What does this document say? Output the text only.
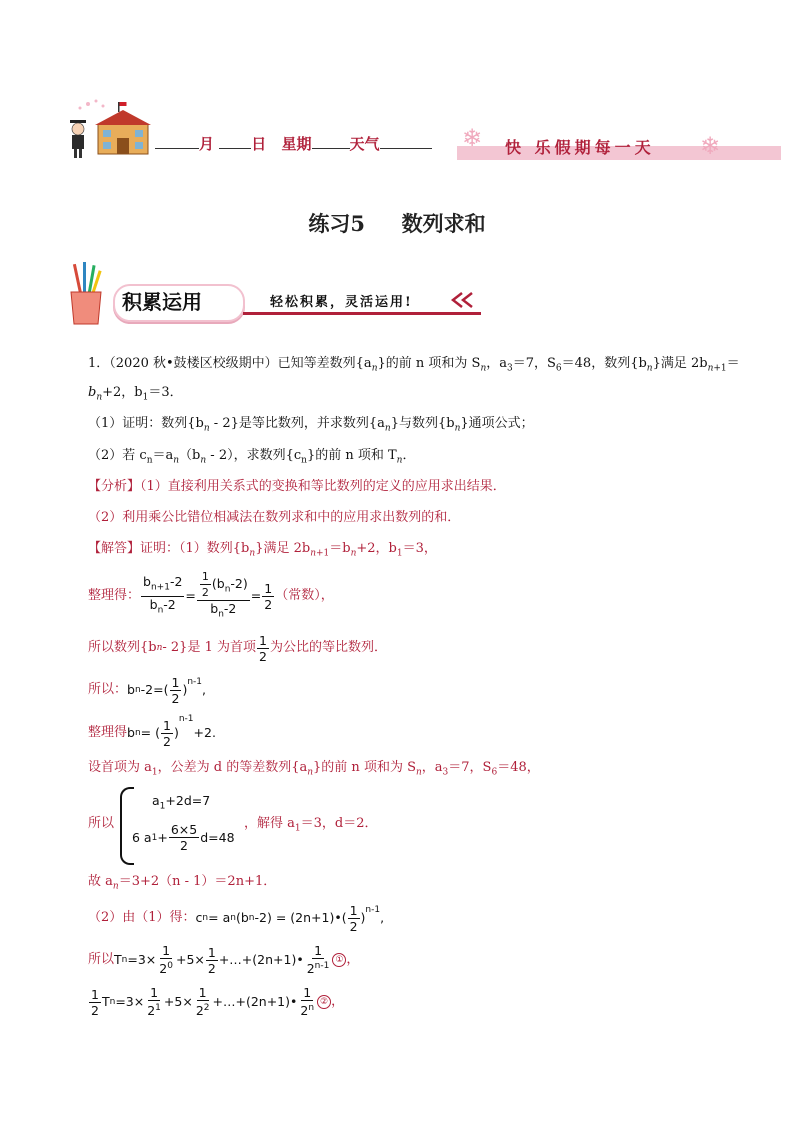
月 日 星期	天气	❄ 快 乐假期每一天 ❄
练习5     数列求和
积累运用	轻松积累，灵活运用!
1．（2020 秋•鼓楼区校级期中）已知等差数列$\{a_n\}$的前 n 项和为 $S_n$，$a_3=7$，$S_6=48$，数列$\{b_n\}$满足 $2b_{n+1}=$
$b_n+2$，$b_1=3$．
（1）证明：数列$\{b_n - 2\}$是等比数列，并求数列$\{a_n\}$与数列$\{b_n\}$通项公式；
（2）若 $c_n=a_n(b_n - 2)$，求数列$\{c_n\}$的前 n 项和 $T_n$．
【分析】（1）直接利用关系式的变换和等比数列的定义的应用求出结果．
（2）利用乘公比错位相减法在数列求和中的应用求出数列的和．
【解答】证明：（1）数列$\{b_n\}$满足 $2b_{n+1}=b_n+2$，$b_1=3$，
整理得： $\frac{b_{n+1}-2}{b_n-2} = \frac{\frac{1}{2} (b_n-2)}{b_n-2} = \frac{1}{2}$ （常数），
所以数列{b n - 2}是 1 为首项 $\frac{1}{2}$ 为公比的等比数列．
所以： b n $-2=( \frac{1}{2} )^{n-1}$ ,
整理得 b n = ( $\frac{1}{2}$ )
$^{n-1}$
+2.
设首项为 $a_1$，公差为 d 的等差数列$\{a_n\}$的前 n 项和为 $S_n$，$a_3=7$，$S_6=48$，
所以
$a_1+2d=7$
6 a $1 + \frac{6\times 5}{2} d=48$
，解得 $a_1=3$，d＝2．
故 $a_n=3+2(n - 1)=2n+1$．
（2）由（1）得： c n = a n (b n -2) = (2n+1)•( $\frac{1}{2} )^{n-1}$ ,
所以 T $n =3\times \frac{1}{2^0} +5\times \frac{1}{2}$ +…+(2n+1)• $\frac{1}{2^{n-1}}$ ① ，
$\frac{1}{2}$ T $n =3\times \frac{1}{2^1} +5\times \frac{1}{2^2}$ +…+(2n+1)• $\frac{1}{2^n}$ ② ，
